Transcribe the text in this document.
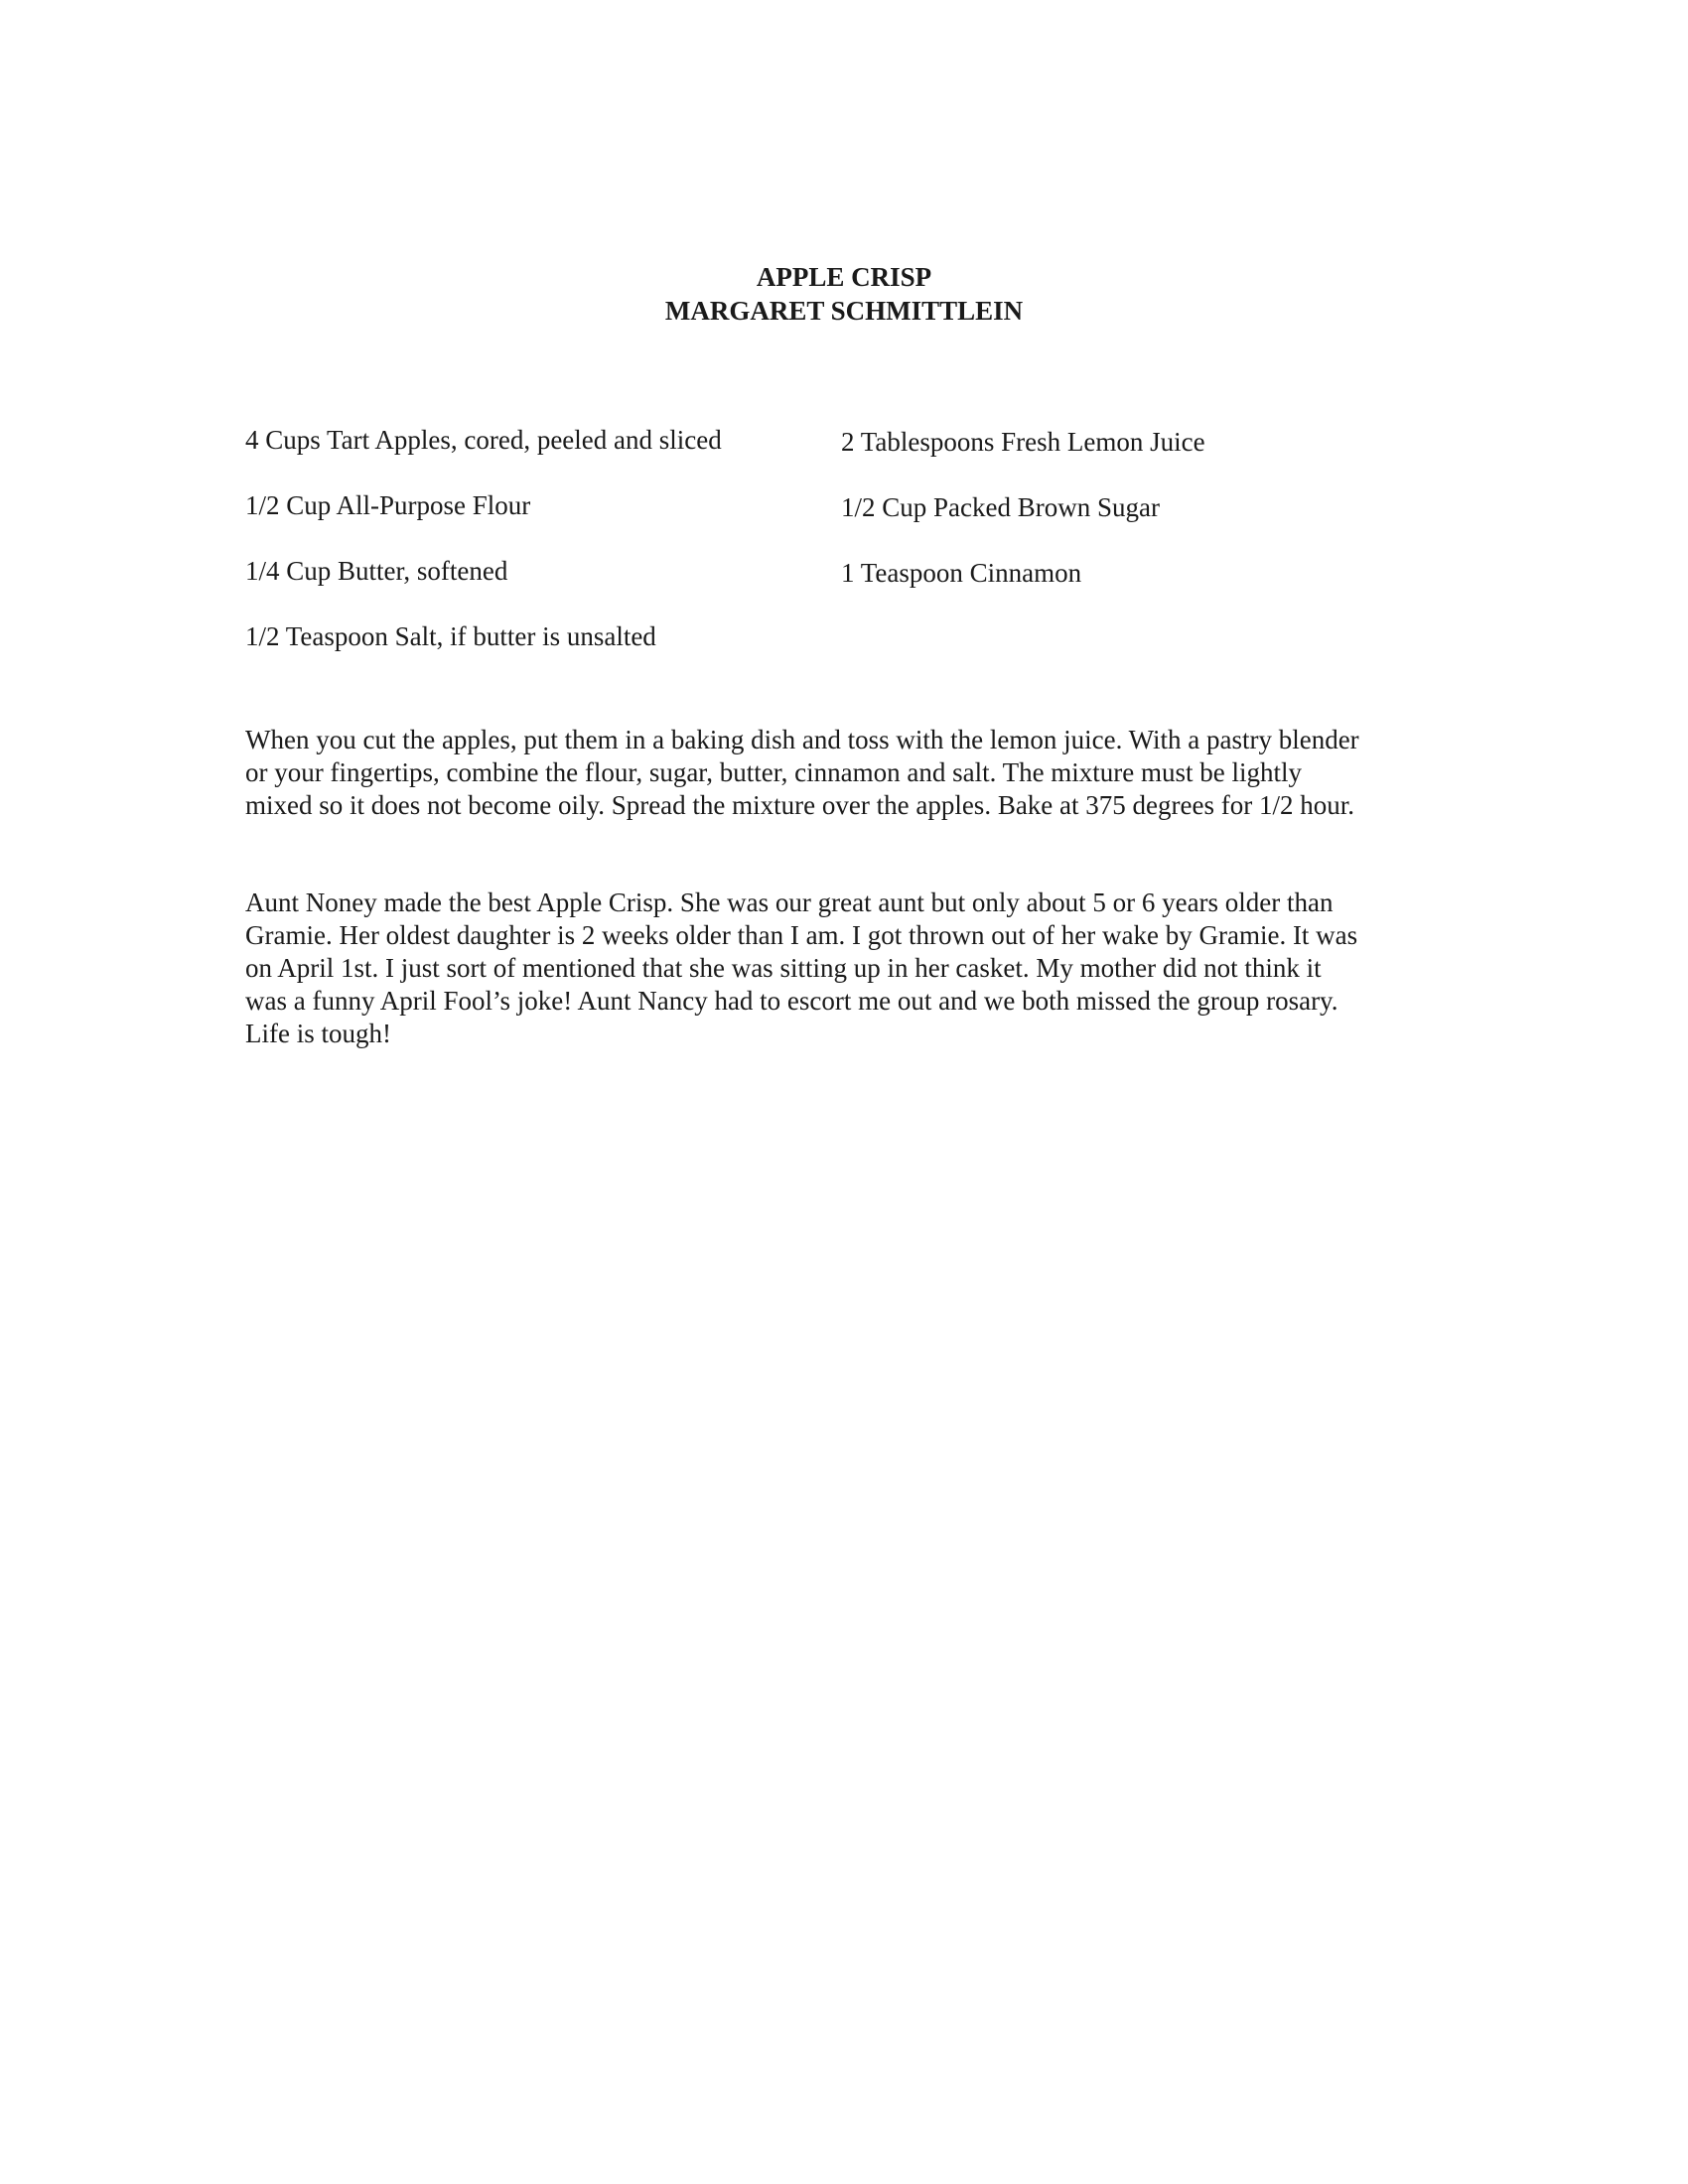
APPLE CRISP
MARGARET SCHMITTLEIN
4 Cups Tart Apples, cored, peeled and sliced
1/2 Cup All-Purpose Flour
1/4 Cup Butter, softened
1/2 Teaspoon Salt, if butter is unsalted
2 Tablespoons Fresh Lemon Juice
1/2 Cup Packed Brown Sugar
1 Teaspoon Cinnamon
When you cut the apples, put them in a baking dish and toss with the lemon juice. With a pastry blender
or your fingertips, combine the flour, sugar, butter, cinnamon and salt. The mixture must be lightly
mixed so it does not become oily. Spread the mixture over the apples. Bake at 375 degrees for 1/2 hour.
Aunt Noney made the best Apple Crisp. She was our great aunt but only about 5 or 6 years older than
Gramie. Her oldest daughter is 2 weeks older than I am. I got thrown out of her wake by Gramie. It was
on April 1st. I just sort of mentioned that she was sitting up in her casket. My mother did not think it
was a funny April Fool’s joke! Aunt Nancy had to escort me out and we both missed the group rosary.
Life is tough!
